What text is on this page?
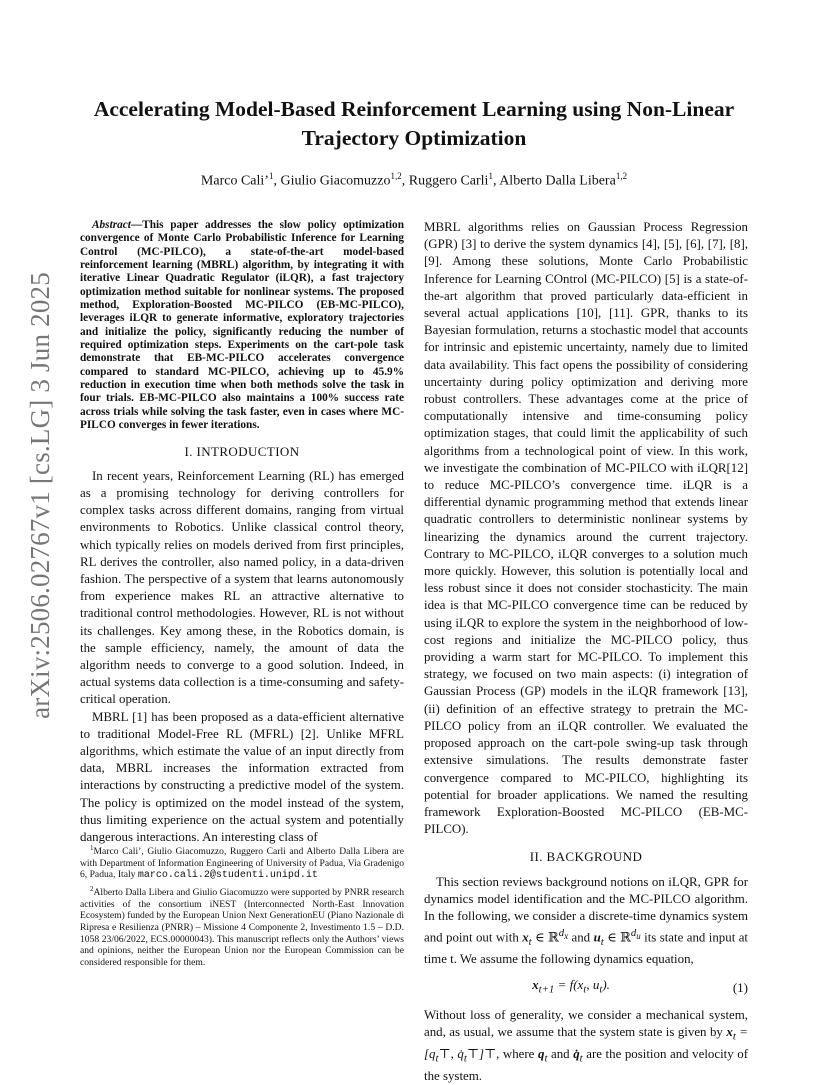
arXiv:2506.02767v1 [cs.LG] 3 Jun 2025
Accelerating Model-Based Reinforcement Learning using Non-Linear
Trajectory Optimization
Marco Cali’$^1$, Giulio Giacomuzzo$^{1,2}$, Ruggero Carli$^1$, Alberto Dalla Libera$^{1,2}$

Abstract—This paper addresses the slow policy optimization convergence of Monte Carlo Probabilistic Inference for Learning Control (MC-PILCO), a state-of-the-art model-based reinforcement learning (MBRL) algorithm, by integrating it with iterative Linear Quadratic Regulator (iLQR), a fast trajectory optimization method suitable for nonlinear systems. The proposed method, Exploration-Boosted MC-PILCO (EB-MC-PILCO), leverages iLQR to generate informative, exploratory trajectories and initialize the policy, significantly reducing the number of required optimization steps. Experiments on the cart-pole task demonstrate that EB-MC-PILCO accelerates convergence compared to standard MC-PILCO, achieving up to 45.9% reduction in execution time when both methods solve the task in four trials. EB-MC-PILCO also maintains a 100% success rate across trials while solving the task faster, even in cases where MC-PILCO converges in fewer iterations.

I. INTRODUCTION

In recent years, Reinforcement Learning (RL) has emerged as a promising technology for deriving controllers for complex tasks across different domains, ranging from virtual environments to Robotics. Unlike classical control theory, which typically relies on models derived from first principles, RL derives the controller, also named policy, in a data-driven fashion. The perspective of a system that learns autonomously from experience makes RL an attractive alternative to traditional control methodologies. However, RL is not without its challenges. Key among these, in the Robotics domain, is the sample efficiency, namely, the amount of data the algorithm needs to converge to a good solution. Indeed, in actual systems data collection is a time-consuming and safety-critical operation.

MBRL [1] has been proposed as a data-efficient alternative to traditional Model-Free RL (MFRL) [2]. Unlike MFRL algorithms, which estimate the value of an input directly from data, MBRL increases the information extracted from interactions by constructing a predictive model of the system. The policy is optimized on the model instead of the system, thus limiting experience on the actual system and potentially dangerous interactions. An interesting class of

$^1$Marco Cali’, Giulio Giacomuzzo, Ruggero Carli and Alberto Dalla Libera are with Department of Information Engineering of University of Padua, Via Gradenigo 6, Padua, Italy marco.cali.2@studenti.unipd.it

$^2$Alberto Dalla Libera and Giulio Giacomuzzo were supported by PNRR research activities of the consortium iNEST (Interconnected North-East Innovation Ecosystem) funded by the European Union Next GenerationEU (Piano Nazionale di Ripresa e Resilienza (PNRR) – Missione 4 Componente 2, Investimento 1.5 – D.D. 1058 23/06/2022, ECS.00000043). This manuscript reflects only the Authors’ views and opinions, neither the European Union nor the European Commission can be considered responsible for them.

MBRL algorithms relies on Gaussian Process Regression (GPR) [3] to derive the system dynamics [4], [5], [6], [7], [8], [9]. Among these solutions, Monte Carlo Probabilistic Inference for Learning COntrol (MC-PILCO) [5] is a state-of-the-art algorithm that proved particularly data-efficient in several actual applications [10], [11]. GPR, thanks to its Bayesian formulation, returns a stochastic model that accounts for intrinsic and epistemic uncertainty, namely due to limited data availability. This fact opens the possibility of considering uncertainty during policy optimization and deriving more robust controllers. These advantages come at the price of computationally intensive and time-consuming policy optimization stages, that could limit the applicability of such algorithms from a technological point of view. In this work, we investigate the combination of MC-PILCO with iLQR[12] to reduce MC-PILCO’s convergence time. iLQR is a differential dynamic programming method that extends linear quadratic controllers to deterministic nonlinear systems by linearizing the dynamics around the current trajectory. Contrary to MC-PILCO, iLQR converges to a solution much more quickly. However, this solution is potentially local and less robust since it does not consider stochasticity. The main idea is that MC-PILCO convergence time can be reduced by using iLQR to explore the system in the neighborhood of low-cost regions and initialize the MC-PILCO policy, thus providing a warm start for MC-PILCO. To implement this strategy, we focused on two main aspects: (i) integration of Gaussian Process (GP) models in the iLQR framework [13], (ii) definition of an effective strategy to pretrain the MC-PILCO policy from an iLQR controller. We evaluated the proposed approach on the cart-pole swing-up task through extensive simulations. The results demonstrate faster convergence compared to MC-PILCO, highlighting its potential for broader applications. We named the resulting framework Exploration-Boosted MC-PILCO (EB-MC-PILCO).

II. BACKGROUND

This section reviews background notions on iLQR, GPR for dynamics model identification and the MC-PILCO algorithm. In the following, we consider a discrete-time dynamics system and point out with $x_t$ ∈ ℝ$^{d_x}$ and $u_t$ ∈ ℝ$^{d_u}$ its state and input at time t. We assume the following dynamics equation,

$x_{t+1} = f(x_t$, $u_t$).	(1)

Without loss of generality, we consider a mechanical system, and, as usual, we assume that the system state is given by $x_t$ = [$q_t⊤$, $q̇_t⊤]⊤$, where $q_t$ and $q̇_t$ are the position and velocity of the system.
